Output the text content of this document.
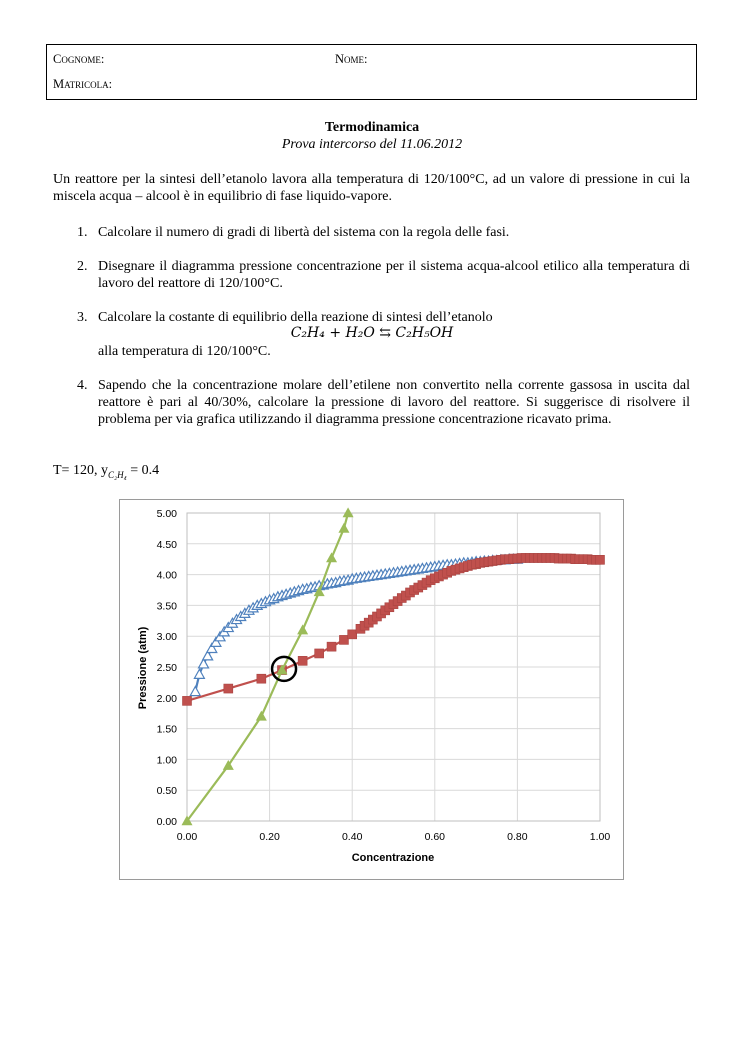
Cognome:	Nome:
Matricola:
Termodinamica
Prova intercorso del 11.06.2012
Un reattore per la sintesi dell’etanolo lavora alla temperatura di 120/100°C, ad un valore di pressione in cui la miscela acqua – alcool è in equilibrio di fase liquido-vapore.
1. Calcolare il numero di gradi di libertà del sistema con la regola delle fasi.
2. Disegnare il diagramma pressione concentrazione per il sistema acqua-alcool etilico alla temperatura di lavoro del reattore di 120/100°C.
3. Calcolare la costante di equilibrio della reazione di sintesi dell’etanolo
C₂H₄ + H₂O ⇆ C₂H₅OH
alla temperatura di 120/100°C.
4. Sapendo che la concentrazione molare dell’etilene non convertito nella corrente gassosa in uscita dal reattore è pari al 40/30%, calcolare la pressione di lavoro del reattore. Si suggerisce di risolvere il problema per via grafica utilizzando il diagramma pressione concentrazione ricavato prima.
T= 120, $y_{C_2H_4} = 0.4$
0.00
0.50
1.00
1.50
2.00
2.50
3.00
3.50
4.00
4.50
5.00
0.00	0.20	0.40	0.60	0.80	1.00
Concentrazione
Pressione (atm)
